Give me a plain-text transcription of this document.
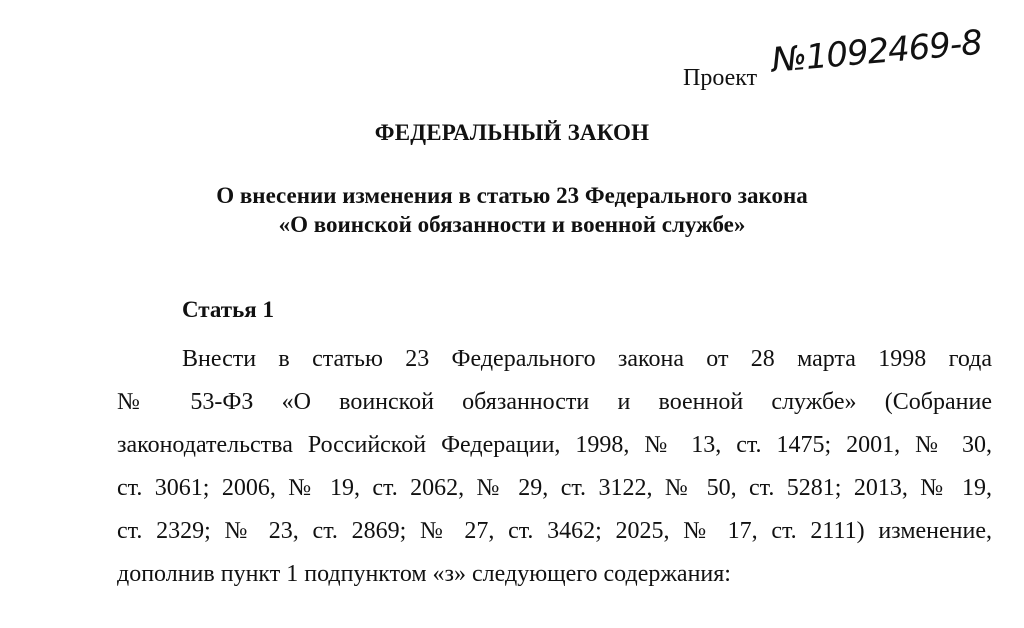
Проект №1092469-8
ФЕДЕРАЛЬНЫЙ ЗАКОН
О внесении изменения в статью 23 Федерального закона
«О воинской обязанности и военной службе»
Статья 1
Внести в статью 23 Федерального закона от 28 марта 1998 года
№ 53-ФЗ «О воинской обязанности и военной службе» (Собрание
законодательства Российской Федерации, 1998, № 13, ст. 1475; 2001, № 30,
ст. 3061; 2006, № 19, ст. 2062, № 29, ст. 3122, № 50, ст. 5281; 2013, № 19,
ст. 2329; № 23, ст. 2869; № 27, ст. 3462; 2025, № 17, ст. 2111) изменение,
дополнив пункт 1 подпунктом «з» следующего содержания:
